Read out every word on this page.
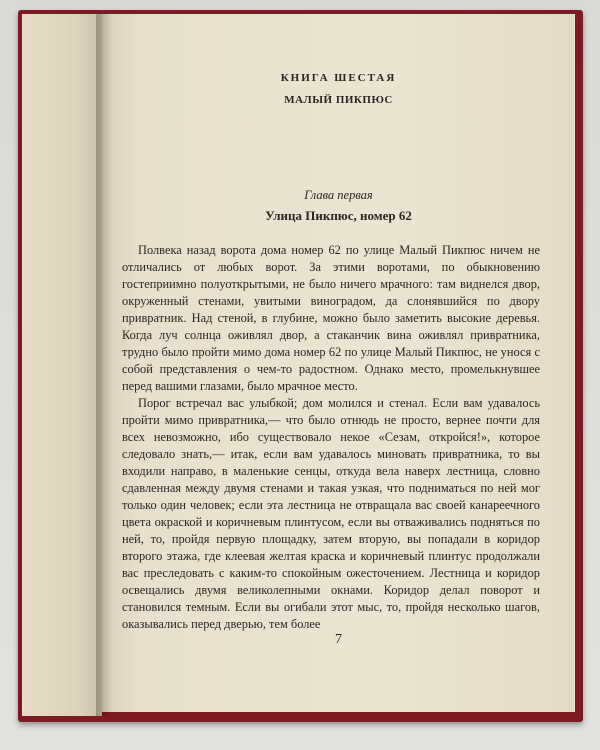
КНИГА ШЕСТАЯ
МАЛЫЙ ПИКПЮС
Глава первая
Улица Пикпюс, номер 62

Полвека назад ворота дома номер 62 по улице Малый Пикпюс ничем не отличались от любых ворот. За этими воротами, по обыкновению гостеприимно полуоткрытыми, не было ничего мрачного: там виднелся двор, окруженный стенами, увитыми виноградом, да слонявшийся по двору привратник. Над стеной, в глубине, можно было заметить высокие деревья. Когда луч солнца оживлял двор, а стаканчик вина оживлял привратника, трудно было пройти мимо дома номер 62 по улице Малый Пикпюс, не унося с собой представления о чем-то радостном. Однако место, промелькнувшее перед вашими глазами, было мрачное место.

Порог встречал вас улыбкой; дом молился и стенал. Если вам удавалось пройти мимо привратника,— что было отнюдь не просто, вернее почти для всех невозможно, ибо существовало некое «Сезам, откройся!», которое следовало знать,— итак, если вам удавалось миновать привратника, то вы входили направо, в маленькие сенцы, откуда вела наверх лестница, словно сдавленная между двумя стенами и такая узкая, что подниматься по ней мог только один человек; если эта лестница не отвращала вас своей канареечного цвета окраской и коричневым плинтусом, если вы отваживались подняться по ней, то, пройдя первую площадку, затем вторую, вы попадали в коридор второго этажа, где клеевая желтая краска и коричневый плинтус продолжали вас преследовать с каким-то спокойным ожесточением. Лестница и коридор освещались двумя великолепными окнами. Коридор делал поворот и становился темным. Если вы огибали этот мыс, то, пройдя несколько шагов, оказывались перед дверью, тем более

7
